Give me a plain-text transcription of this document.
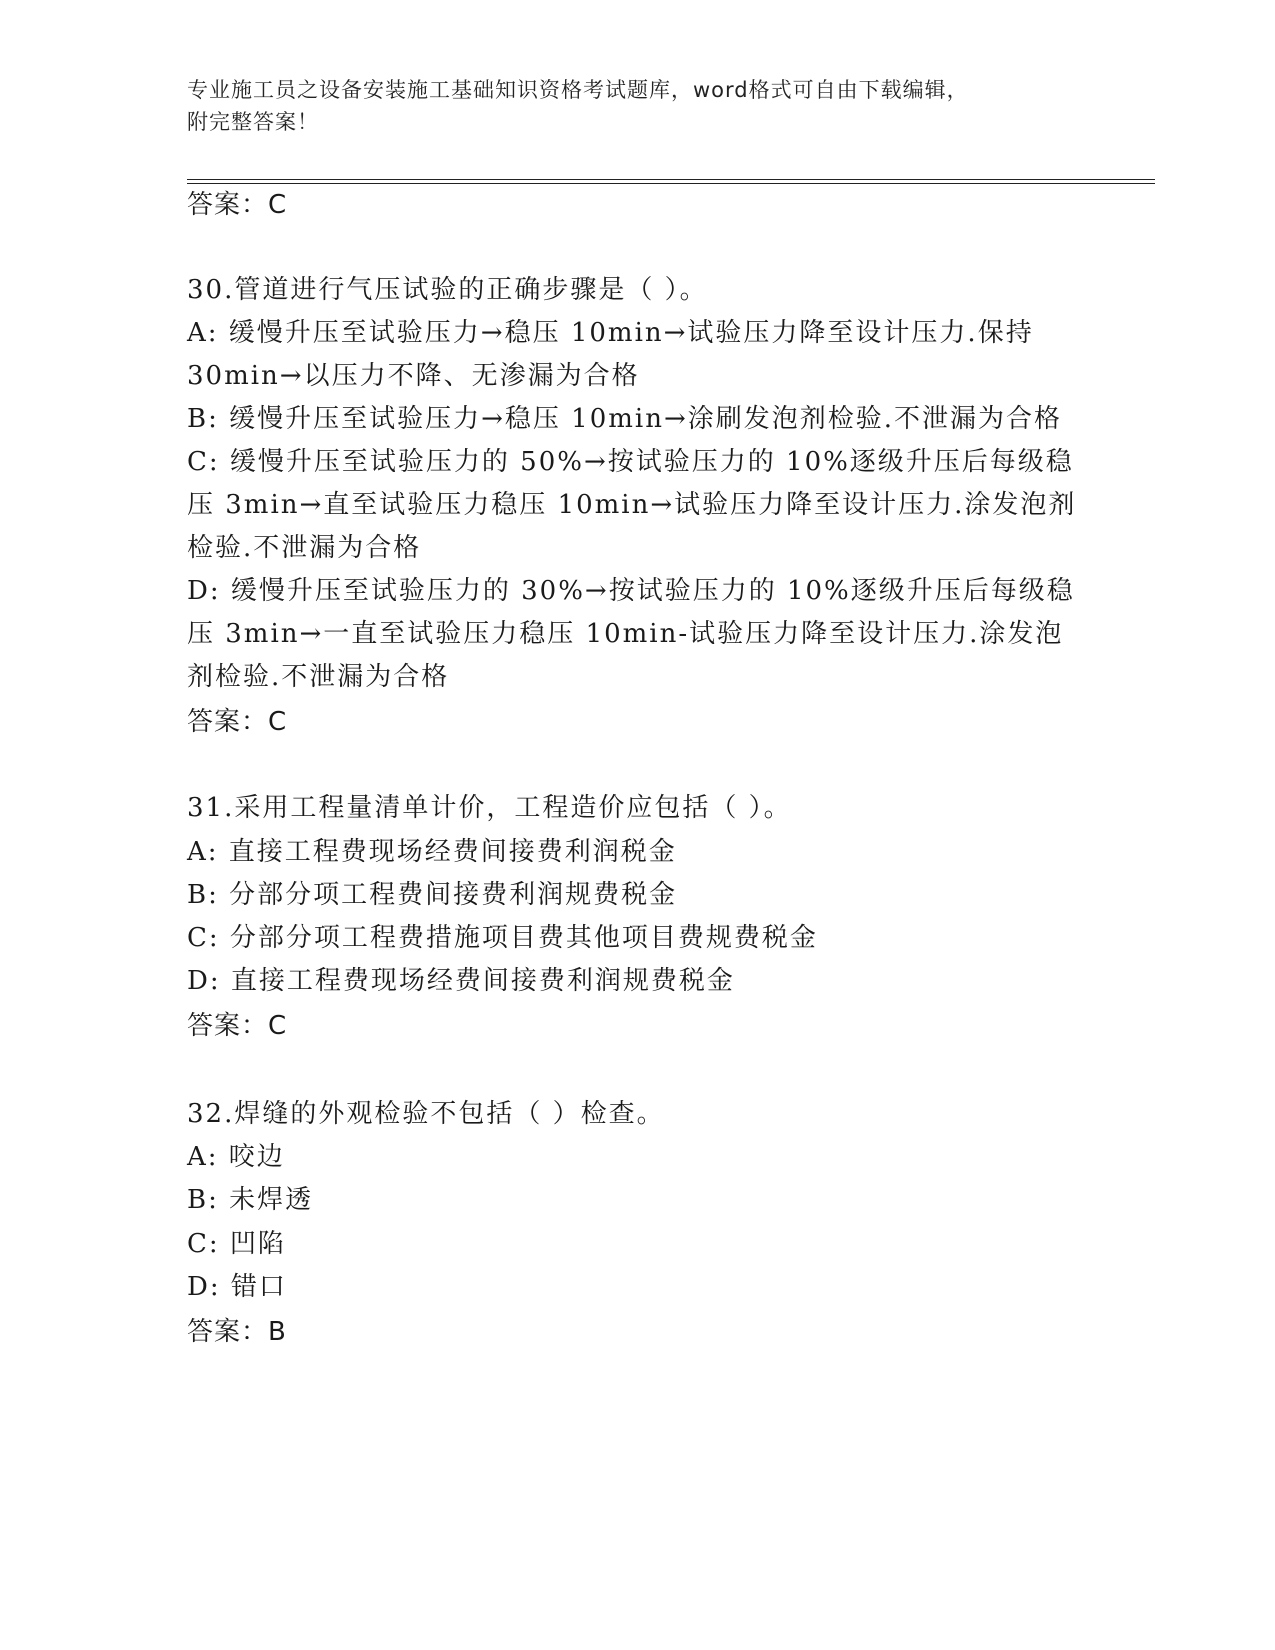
专业施工员之设备安装施工基础知识资格考试题库，word格式可自由下载编辑，
附完整答案！
答案：C
30.管道进行气压试验的正确步骤是（ ）。
A: 缓慢升压至试验压力→稳压 10min→试验压力降至设计压力.保持
30min→以压力不降、无渗漏为合格
B: 缓慢升压至试验压力→稳压 10min→涂刷发泡剂检验.不泄漏为合格
C: 缓慢升压至试验压力的 50%→按试验压力的 10%逐级升压后每级稳
压 3min→直至试验压力稳压 10min→试验压力降至设计压力.涂发泡剂
检验.不泄漏为合格
D: 缓慢升压至试验压力的 30%→按试验压力的 10%逐级升压后每级稳
压 3min→一直至试验压力稳压 10min-试验压力降至设计压力.涂发泡
剂检验.不泄漏为合格
答案：C
31.采用工程量清单计价，工程造价应包括（ ）。
A: 直接工程费现场经费间接费利润税金
B: 分部分项工程费间接费利润规费税金
C: 分部分项工程费措施项目费其他项目费规费税金
D: 直接工程费现场经费间接费利润规费税金
答案：C
32.焊缝的外观检验不包括（ ）检查。
A: 咬边
B: 未焊透
C: 凹陷
D: 错口
答案：B
